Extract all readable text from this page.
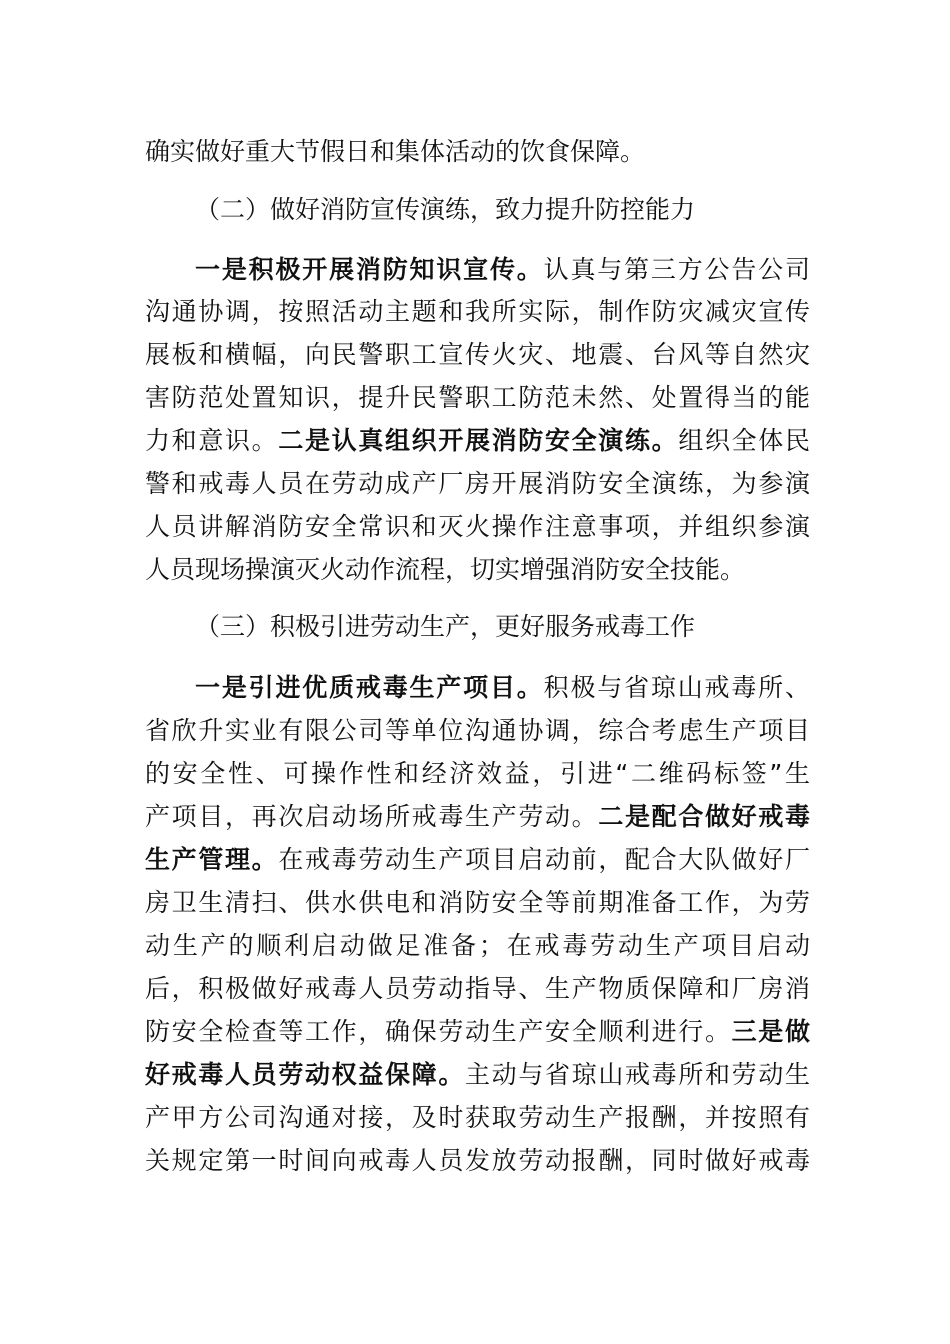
确实做好重大节假日和集体活动的饮食保障。
（二）做好消防宣传演练，致力提升防控能力
一是积极开展消防知识宣传。认真与第三方公告公司
沟通协调，按照活动主题和我所实际，制作防灾减灾宣传
展板和横幅，向民警职工宣传火灾、地震、台风等自然灾
害防范处置知识，提升民警职工防范未然、处置得当的能
力和意识。二是认真组织开展消防安全演练。组织全体民
警和戒毒人员在劳动成产厂房开展消防安全演练，为参演
人员讲解消防安全常识和灭火操作注意事项，并组织参演
人员现场操演灭火动作流程，切实增强消防安全技能。
（三）积极引进劳动生产，更好服务戒毒工作
一是引进优质戒毒生产项目。积极与省琼山戒毒所、
省欣升实业有限公司等单位沟通协调，综合考虑生产项目
的安全性、可操作性和经济效益，引进“二维码标签”生
产项目，再次启动场所戒毒生产劳动。二是配合做好戒毒
生产管理。在戒毒劳动生产项目启动前，配合大队做好厂
房卫生清扫、供水供电和消防安全等前期准备工作，为劳
动生产的顺利启动做足准备；在戒毒劳动生产项目启动
后，积极做好戒毒人员劳动指导、生产物质保障和厂房消
防安全检查等工作，确保劳动生产安全顺利进行。三是做
好戒毒人员劳动权益保障。主动与省琼山戒毒所和劳动生
产甲方公司沟通对接，及时获取劳动生产报酬，并按照有
关规定第一时间向戒毒人员发放劳动报酬，同时做好戒毒
